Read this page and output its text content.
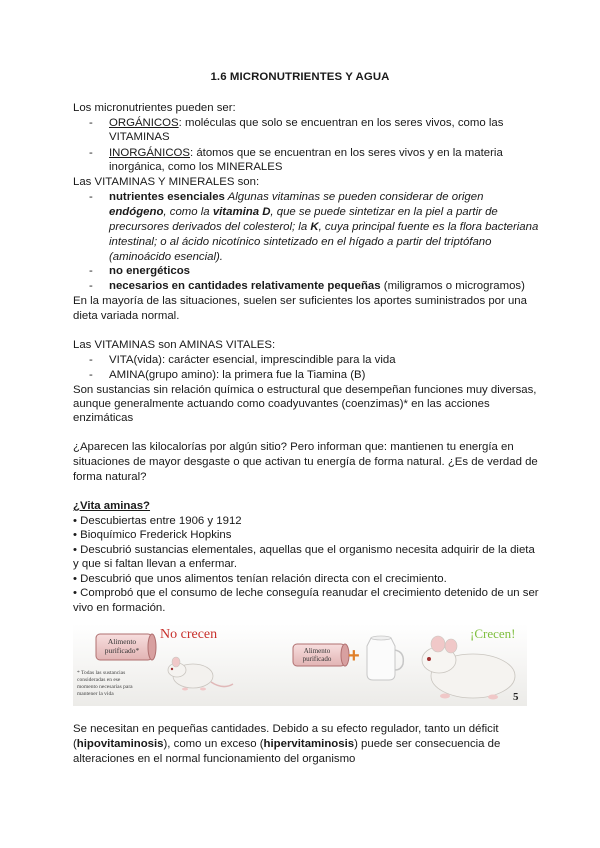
1.6 MICRONUTRIENTES Y AGUA
Los micronutrientes pueden ser:
- ORGÁNICOS: moléculas que solo se encuentran en los seres vivos, como las
VITAMINAS
- INORGÁNICOS: átomos que se encuentran en los seres vivos y en la materia
inorgánica, como los MINERALES
Las VITAMINAS Y MINERALES son:
- nutrientes esenciales Algunas vitaminas se pueden considerar de origen
endógeno, como la vitamina D, que se puede sintetizar en la piel a partir de
precursores derivados del colesterol; la K, cuya principal fuente es la flora bacteriana
intestinal; o al ácido nicotínico sintetizado en el hígado a partir del triptófano
(aminoácido esencial).
- no energéticos
- necesarios en cantidades relativamente pequeñas (miligramos o microgramos)
En la mayoría de las situaciones, suelen ser suficientes los aportes suministrados por una
dieta variada normal.
Las VITAMINAS son AMINAS VITALES:
- VITA(vida): carácter esencial, imprescindible para la vida
- AMINA(grupo amino): la primera fue la Tiamina (B)
Son sustancias sin relación química o estructural que desempeñan funciones muy diversas,
aunque generalmente actuando como coadyuvantes (coenzimas)* en las acciones
enzimáticas
¿Aparecen las kilocalorías por algún sitio? Pero informan que: mantienen tu energía en
situaciones de mayor desgaste o que activan tu energía de forma natural. ¿Es de verdad de
forma natural?
¿Vita aminas?
• Descubiertas entre 1906 y 1912
• Bioquímico Frederick Hopkins
• Descubrió sustancias elementales, aquellas que el organismo necesita adquirir de la dieta
y que si faltan llevan a enfermar.
• Descubrió que unos alimentos tenían relación directa con el crecimiento.
• Comprobó que el consumo de leche conseguía reanudar el crecimiento detenido de un ser
vivo en formación.
Alimento
purificado*
No crecen
* Todas las sustancias
consideradas en ese
momento necesarias para
mantener la vida
Alimento
purificado +
¡Crecen!
5
Se necesitan en pequeñas cantidades. Debido a su efecto regulador, tanto un déficit
(hipovitaminosis), como un exceso (hipervitaminosis) puede ser consecuencia de
alteraciones en el normal funcionamiento del organismo
